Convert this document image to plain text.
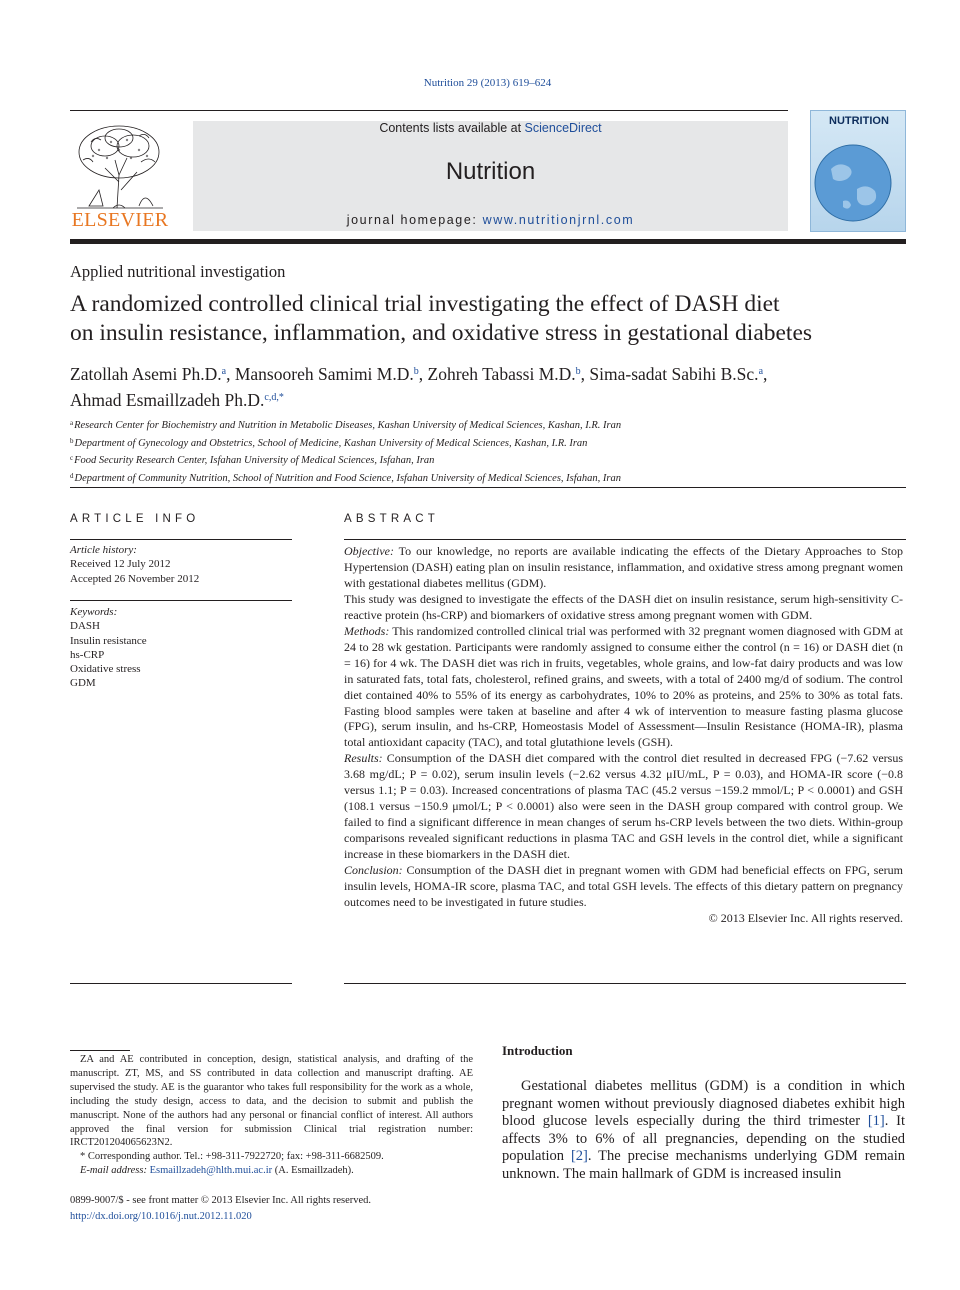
Nutrition 29 (2013) 619–624
ELSEVIER
Contents lists available at ScienceDirect
Nutrition
journal homepage: www.nutritionjrnl.com
NUTRITION
Applied nutritional investigation
A randomized controlled clinical trial investigating the effect of DASH diet
on insulin resistance, inflammation, and oxidative stress in gestational diabetes
Zatollah Asemi Ph.D.$^a$, Mansooreh Samimi M.D.$^b$, Zohreh Tabassi M.D.$^b$, Sima-sadat Sabihi B.Sc.$^a$,
Ahmad Esmaillzadeh Ph.D.$^{c,d,*}$
$^a$Research Center for Biochemistry and Nutrition in Metabolic Diseases, Kashan University of Medical Sciences, Kashan, I.R. Iran
$^b$Department of Gynecology and Obstetrics, School of Medicine, Kashan University of Medical Sciences, Kashan, I.R. Iran
$^c$Food Security Research Center, Isfahan University of Medical Sciences, Isfahan, Iran
$^d$Department of Community Nutrition, School of Nutrition and Food Science, Isfahan University of Medical Sciences, Isfahan, Iran
ARTICLE INFO
Article history:
Received 12 July 2012
Accepted 26 November 2012
Keywords:
DASH
Insulin resistance
hs-CRP
Oxidative stress
GDM
ABSTRACT

Objective: To our knowledge, no reports are available indicating the effects of the Dietary Approaches to Stop Hypertension (DASH) eating plan on insulin resistance, inflammation, and oxidative stress among pregnant women with gestational diabetes mellitus (GDM).

This study was designed to investigate the effects of the DASH diet on insulin resistance, serum high-sensitivity C-reactive protein (hs-CRP) and biomarkers of oxidative stress among pregnant women with GDM.

Methods: This randomized controlled clinical trial was performed with 32 pregnant women diagnosed with GDM at 24 to 28 wk gestation. Participants were randomly assigned to consume either the control (n = 16) or DASH diet (n = 16) for 4 wk. The DASH diet was rich in fruits, vegetables, whole grains, and low-fat dairy products and was low in saturated fats, total fats, cholesterol, refined grains, and sweets, with a total of 2400 mg/d of sodium. The control diet contained 40% to 55% of its energy as carbohydrates, 10% to 20% as proteins, and 25% to 30% as total fats. Fasting blood samples were taken at baseline and after 4 wk of intervention to measure fasting plasma glucose (FPG), serum insulin, and hs-CRP, Homeostasis Model of Assessment—Insulin Resistance (HOMA-IR), plasma total antioxidant capacity (TAC), and total glutathione levels (GSH).

Results: Consumption of the DASH diet compared with the control diet resulted in decreased FPG (−7.62 versus 3.68 mg/dL; P = 0.02), serum insulin levels (−2.62 versus 4.32 μIU/mL, P = 0.03), and HOMA-IR score (−0.8 versus 1.1; P = 0.03). Increased concentrations of plasma TAC (45.2 versus −159.2 mmol/L; P < 0.0001) and GSH (108.1 versus −150.9 μmol/L; P < 0.0001) also were seen in the DASH group compared with control group. We failed to find a significant difference in mean changes of serum hs-CRP levels between the two diets. Within-group comparisons revealed significant reductions in plasma TAC and GSH levels in the control diet, while a significant increase in these biomarkers in the DASH diet.

Conclusion: Consumption of the DASH diet in pregnant women with GDM had beneficial effects on FPG, serum insulin levels, HOMA-IR score, plasma TAC, and total GSH levels. The effects of this dietary pattern on pregnancy outcomes need to be investigated in future studies.

© 2013 Elsevier Inc. All rights reserved.

ZA and AE contributed in conception, design, statistical analysis, and drafting of the manuscript. ZT, MS, and SS contributed in data collection and manuscript drafting. AE supervised the study. AE is the guarantor who takes full responsibility for the work as a whole, including the study design, access to data, and the decision to submit and publish the manuscript. None of the authors had any personal or financial conflict of interest. All authors approved the final version for submission Clinical trial registration number: IRCT201204065623N2.

* Corresponding author. Tel.: +98-311-7922720; fax: +98-311-6682509.

E-mail address: Esmaillzadeh@hlth.mui.ac.ir (A. Esmaillzadeh).

0899-9007/$ - see front matter © 2013 Elsevier Inc. All rights reserved.
http://dx.doi.org/10.1016/j.nut.2012.11.020
Introduction
Gestational diabetes mellitus (GDM) is a condition in which pregnant women without previously diagnosed diabetes exhibit high blood glucose levels especially during the third trimester [1]. It affects 3% to 6% of all pregnancies, depending on the studied population [2]. The precise mechanisms underlying GDM remain unknown. The main hallmark of GDM is increased insulin
